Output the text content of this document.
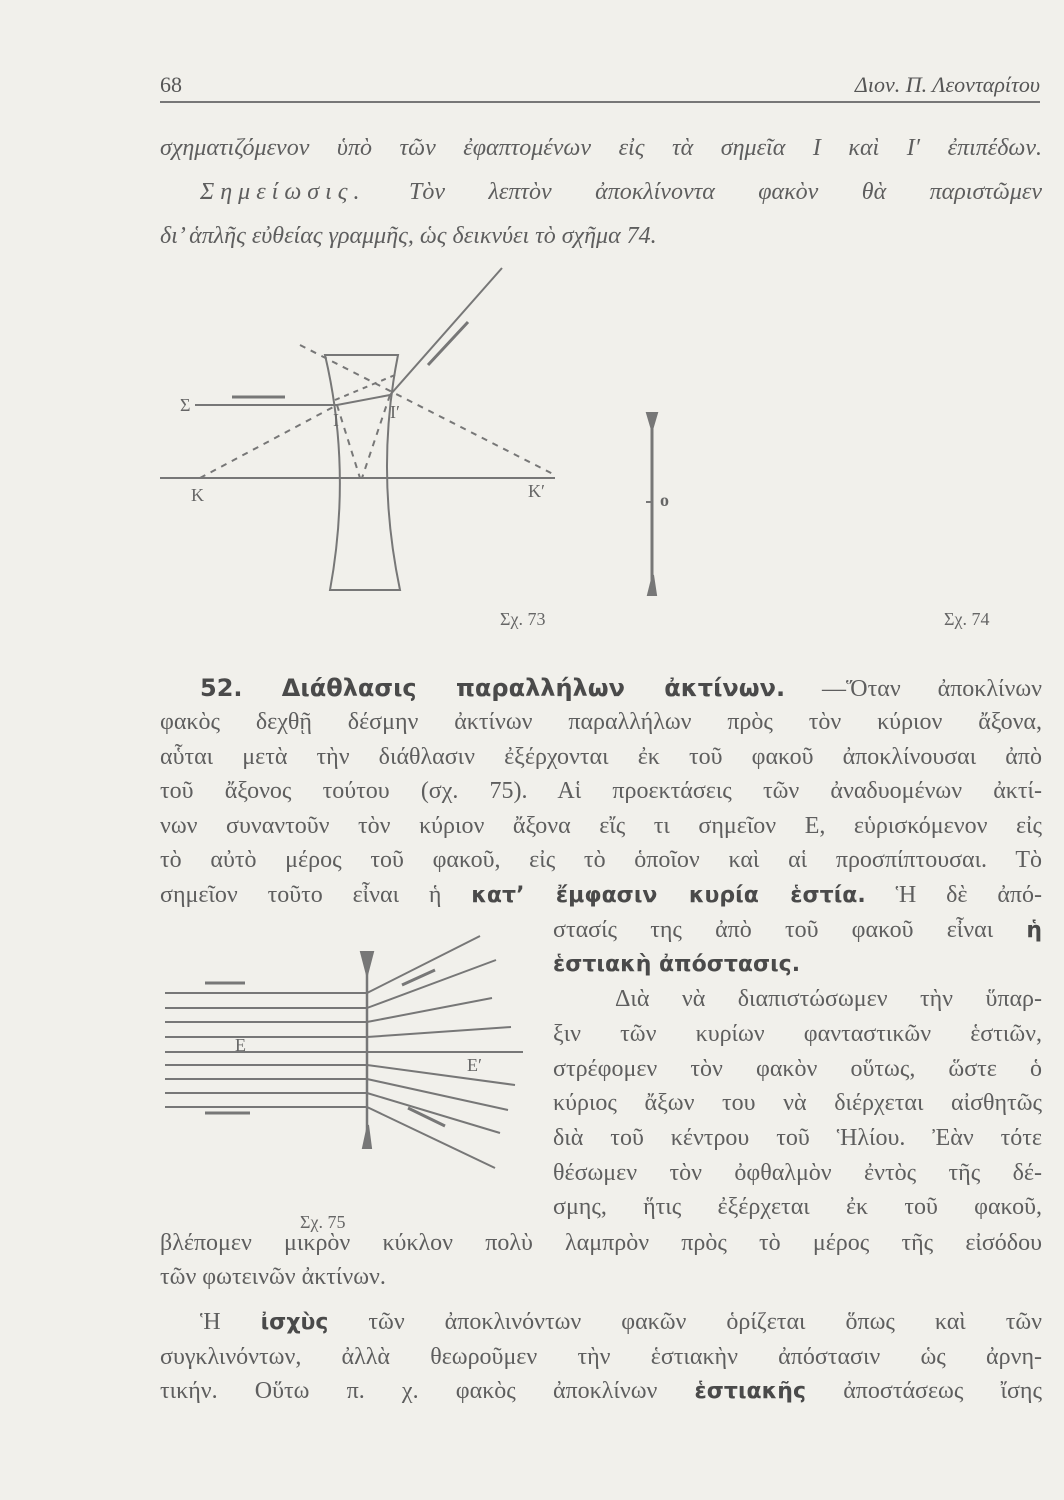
68	Διον. Π. Λεονταρίτου
σχηματιζόμενον ὑπὸ τῶν ἐφαπτομένων εἰς τὰ σημεῖα Ι καὶ Ι′ ἐπιπέδων.
Σημείωσις. Τὸν λεπτὸν ἀποκλίνοντα φακὸν θὰ παριστῶμεν
δι’ ἁπλῆς εὐθείας γραμμῆς, ὡς δεικνύει τὸ σχῆμα 74.
Σχ. 73	Σχ. 74
Σ
Κ	Κ′
Ι	Ι′
o
Ε
Ε′
Σχ. 75
52. Διάθλασις παραλλήλων ἀκτίνων. —Ὅταν ἀποκλίνων
φακὸς δεχθῇ δέσμην ἀκτίνων παραλλήλων πρὸς τὸν κύριον ἄξονα,
αὗται μετὰ τὴν διάθλασιν ἐξέρχονται ἐκ τοῦ φακοῦ ἀποκλίνουσαι ἀπὸ
τοῦ ἄξονος τούτου (σχ. 75). Αἱ προεκτάσεις τῶν ἀναδυομένων ἀκτί-
νων συναντοῦν τὸν κύριον ἄξονα εἴς τι σημεῖον Ε, εὑρισκόμενον εἰς
τὸ αὐτὸ μέρος τοῦ φακοῦ, εἰς τὸ ὁποῖον καὶ αἱ προσπίπτουσαι. Τὸ
σημεῖον τοῦτο εἶναι ἡ κατ’ ἔμφασιν κυρία ἑστία. Ἡ δὲ ἀπό-
στασίς της ἀπὸ τοῦ φακοῦ εἶναι ἡ
ἑστιακὴ ἀπόστασις.
Διὰ νὰ διαπιστώσωμεν τὴν ὕπαρ-
ξιν τῶν κυρίων φανταστικῶν ἑστιῶν,
στρέφομεν τὸν φακὸν οὕτως, ὥστε ὁ
κύριος ἄξων του νὰ διέρχεται αἰσθητῶς
διὰ τοῦ κέντρου τοῦ Ἡλίου. Ἐὰν τότε
θέσωμεν τὸν ὀφθαλμὸν ἐντὸς τῆς δέ-
σμης, ἥτις ἐξέρχεται ἐκ τοῦ φακοῦ,
βλέπομεν μικρὸν κύκλον πολὺ λαμπρὸν πρὸς τὸ μέρος τῆς εἰσόδου
τῶν φωτεινῶν ἀκτίνων.
Ἡ ἰσχὺς τῶν ἀποκλινόντων φακῶν ὁρίζεται ὅπως καὶ τῶν
συγκλινόντων, ἀλλὰ θεωροῦμεν τὴν ἑστιακὴν ἀπόστασιν ὡς ἀρνη-
τικήν. Οὕτω π. χ. φακὸς ἀποκλίνων ἑστιακῆς ἀποστάσεως ἴσης
